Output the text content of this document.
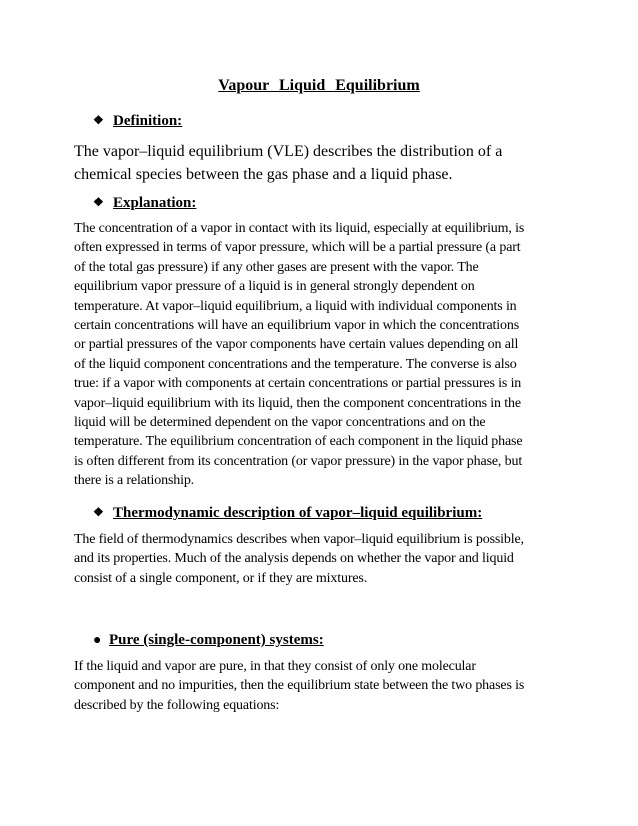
Vapour Liquid Equilibrium
❖ Definition:
The vapor–liquid equilibrium (VLE) describes the distribution of a
chemical species between the gas phase and a liquid phase.
❖ Explanation:
The concentration of a vapor in contact with its liquid, especially at equilibrium, is
often expressed in terms of vapor pressure, which will be a partial pressure (a part
of the total gas pressure) if any other gases are present with the vapor. The
equilibrium vapor pressure of a liquid is in general strongly dependent on
temperature. At vapor–liquid equilibrium, a liquid with individual components in
certain concentrations will have an equilibrium vapor in which the concentrations
or partial pressures of the vapor components have certain values depending on all
of the liquid component concentrations and the temperature. The converse is also
true: if a vapor with components at certain concentrations or partial pressures is in
vapor–liquid equilibrium with its liquid, then the component concentrations in the
liquid will be determined dependent on the vapor concentrations and on the
temperature. The equilibrium concentration of each component in the liquid phase
is often different from its concentration (or vapor pressure) in the vapor phase, but
there is a relationship.
❖ Thermodynamic description of vapor–liquid equilibrium:
The field of thermodynamics describes when vapor–liquid equilibrium is possible,
and its properties. Much of the analysis depends on whether the vapor and liquid
consist of a single component, or if they are mixtures.
● Pure (single-component) systems:
If the liquid and vapor are pure, in that they consist of only one molecular
component and no impurities, then the equilibrium state between the two phases is
described by the following equations:
